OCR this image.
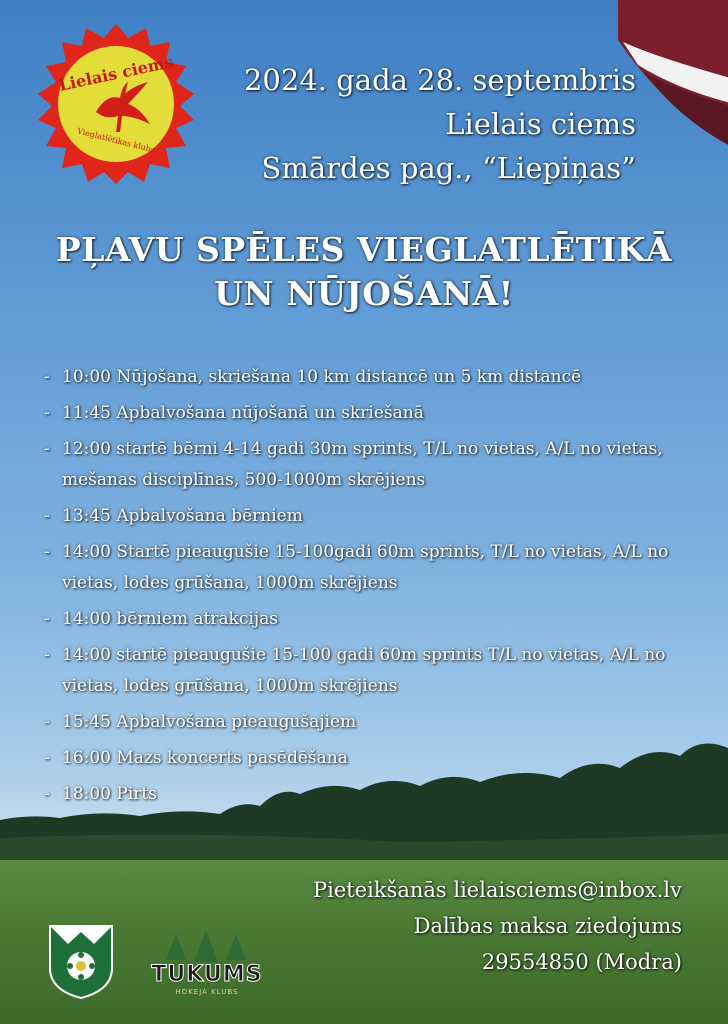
Lielais ciems
Vieglatlētikas klubs
2024. gada 28. septembris
Lielais ciems
Smārdes pag., “Liepiņas”
PĻAVU SPĒLES VIEGLATLĒTIKĀ
UN NŪJOŠANĀ!
- 10:00 Nūjošana, skriešana 10 km distancē un 5 km distancē
- 11:45 Apbalvošana nūjošanā un skriešanā
- 12:00 startē bērni 4-14 gadi 30m sprints, T/L no vietas, A/L no vietas, mešanas disciplīnas, 500-1000m skrējiens
- 13:45 Apbalvošana bērniem
- 14:00 Startē pieaugušie 15-100gadi 60m sprints, T/L no vietas, A/L no vietas, lodes grūšana, 1000m skrējiens
- 14:00 bērniem atrakcijas
- 14:00 startē pieaugušie 15-100 gadi 60m sprints T/L no vietas, A/L no vietas, lodes grūšana, 1000m skrējiens
- 15:45 Apbalvošana pieaugušajiem
- 16:00 Mazs koncerts pasēdēšana
- 18:00 Pirts
Pieteikšanās lielaisciems@inbox.lv
Dalības maksa ziedojums
29554850 (Modra)
TUKUMS
HOKEJA KLUBS
